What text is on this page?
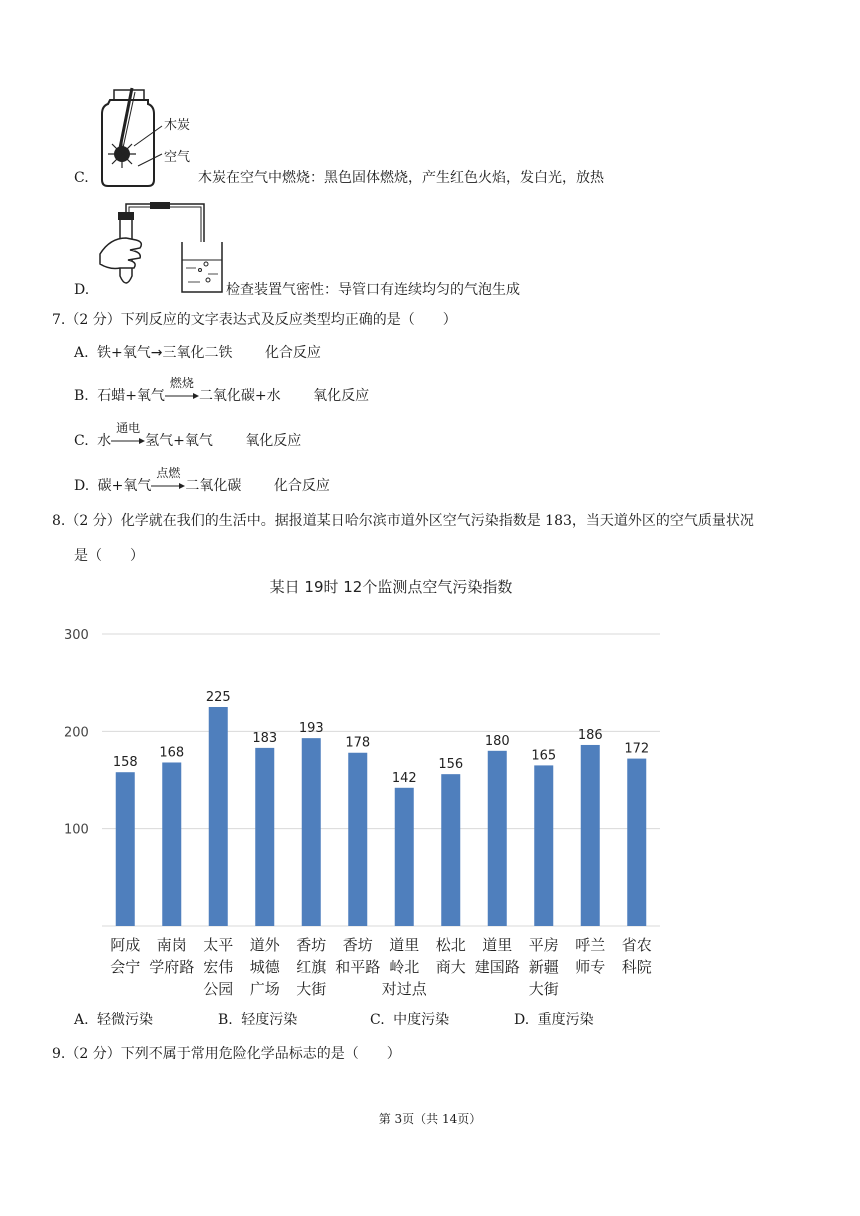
木炭
空气
C.	木炭在空气中燃烧：黑色固体燃烧，产生红色火焰，发白光，放热
D.	检查装置气密性：导管口有连续均匀的气泡生成
7.（2 分）下列反应的文字表达式及反应类型均正确的是（　　）
A. 铁+氧气→三氧化二铁 化合反应
B. 石蜡+氧气
燃烧
二氧化碳+水 氧化反应
C. 水
通电
氢气+氧气 氧化反应
D. 碳+氧气
点燃
二氧化碳 化合反应
8.（2 分）化学就在我们的生活中。据报道某日哈尔滨市道外区空气污染指数是 183，当天道外区的空气质量状况
是（　　）
某日 19时 12个监测点空气污染指数
100
200
300
158
阿成
会宁
168
南岗
学府路
225
太平
宏伟
公园
183
道外
城德
广场
193
香坊
红旗
大街
178
香坊
和平路
142
道里
岭北
对过点
156
松北
商大
180
道里
建国路
165
平房
新疆
大街
186
呼兰
师专
172
省农
科院
A. 轻微污染	B. 轻度污染	C. 中度污染	D. 重度污染
9.（2 分）下列不属于常用危险化学品标志的是（　　）
第 3页（共 14页）
